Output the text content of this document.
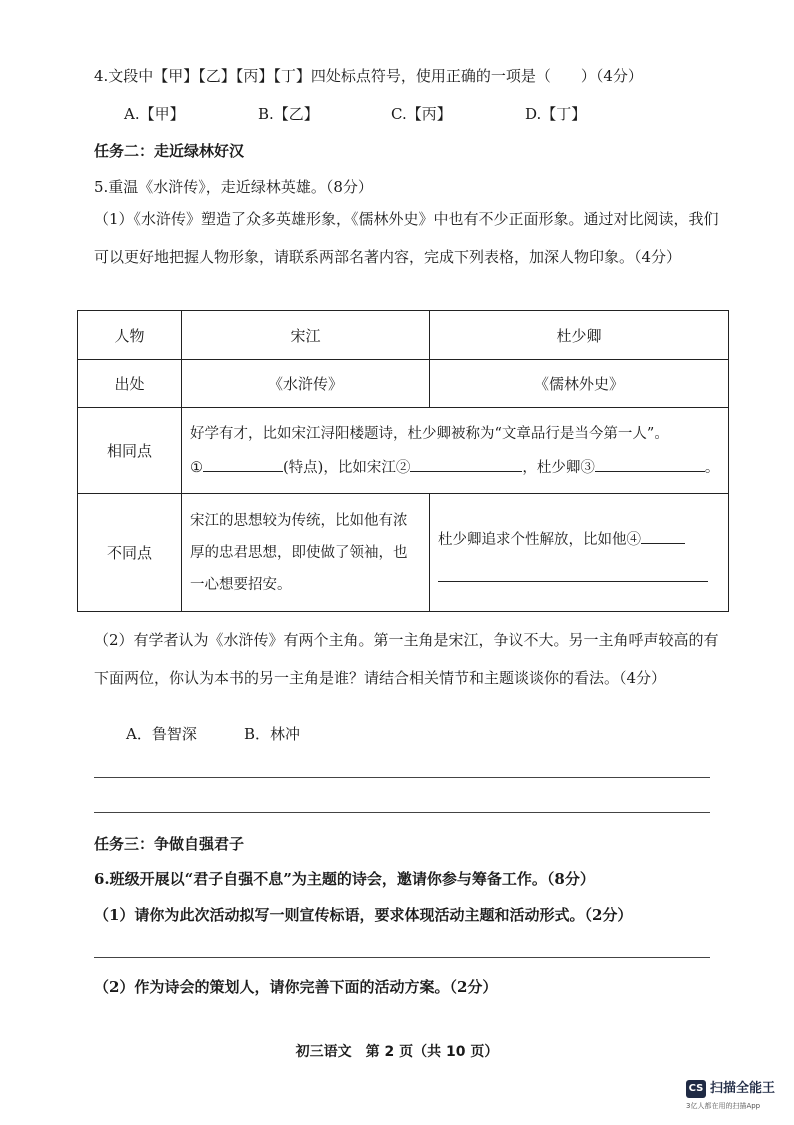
4.文段中【甲】【乙】【丙】【丁】四处标点符号，使用正确的一项是（　　）（4分）
A.【甲】	B.【乙】	C.【丙】	D.【丁】
任务二：走近绿林好汉
5.重温《水浒传》，走近绿林英雄。（8分）
（1）《水浒传》塑造了众多英雄形象，《儒林外史》中也有不少正面形象。通过对比阅读，我们可以更好地把握人物形象，请联系两部名著内容，完成下列表格，加深人物印象。（4分）
人物	宋江	杜少卿
出处	《水浒传》	《儒林外史》
相同点	好学有才，比如宋江浔阳楼题诗，杜少卿被称为“文章品行是当今第一人”。
① (特点)，比如宋江② ，杜少卿③ 。	

不同点	宋江的思想较为传统，比如他有浓厚的忠君思想，即使做了领袖，也一心想要招安。	杜少卿追求个性解放，比如他④
（2）有学者认为《水浒传》有两个主角。第一主角是宋江，争议不大。另一主角呼声较高的有下面两位，你认为本书的另一主角是谁？请结合相关情节和主题谈谈你的看法。（4分）
A．鲁智深	B．林冲
任务三：争做自强君子
6.班级开展以“君子自强不息”为主题的诗会，邀请你参与筹备工作。（8分）
（1）请你为此次活动拟写一则宣传标语，要求体现活动主题和活动形式。（2分）
（2）作为诗会的策划人，请你完善下面的活动方案。（2分）
初三语文　第 2 页（共 10 页）
CS 扫描全能王
3亿人都在用的扫描App
